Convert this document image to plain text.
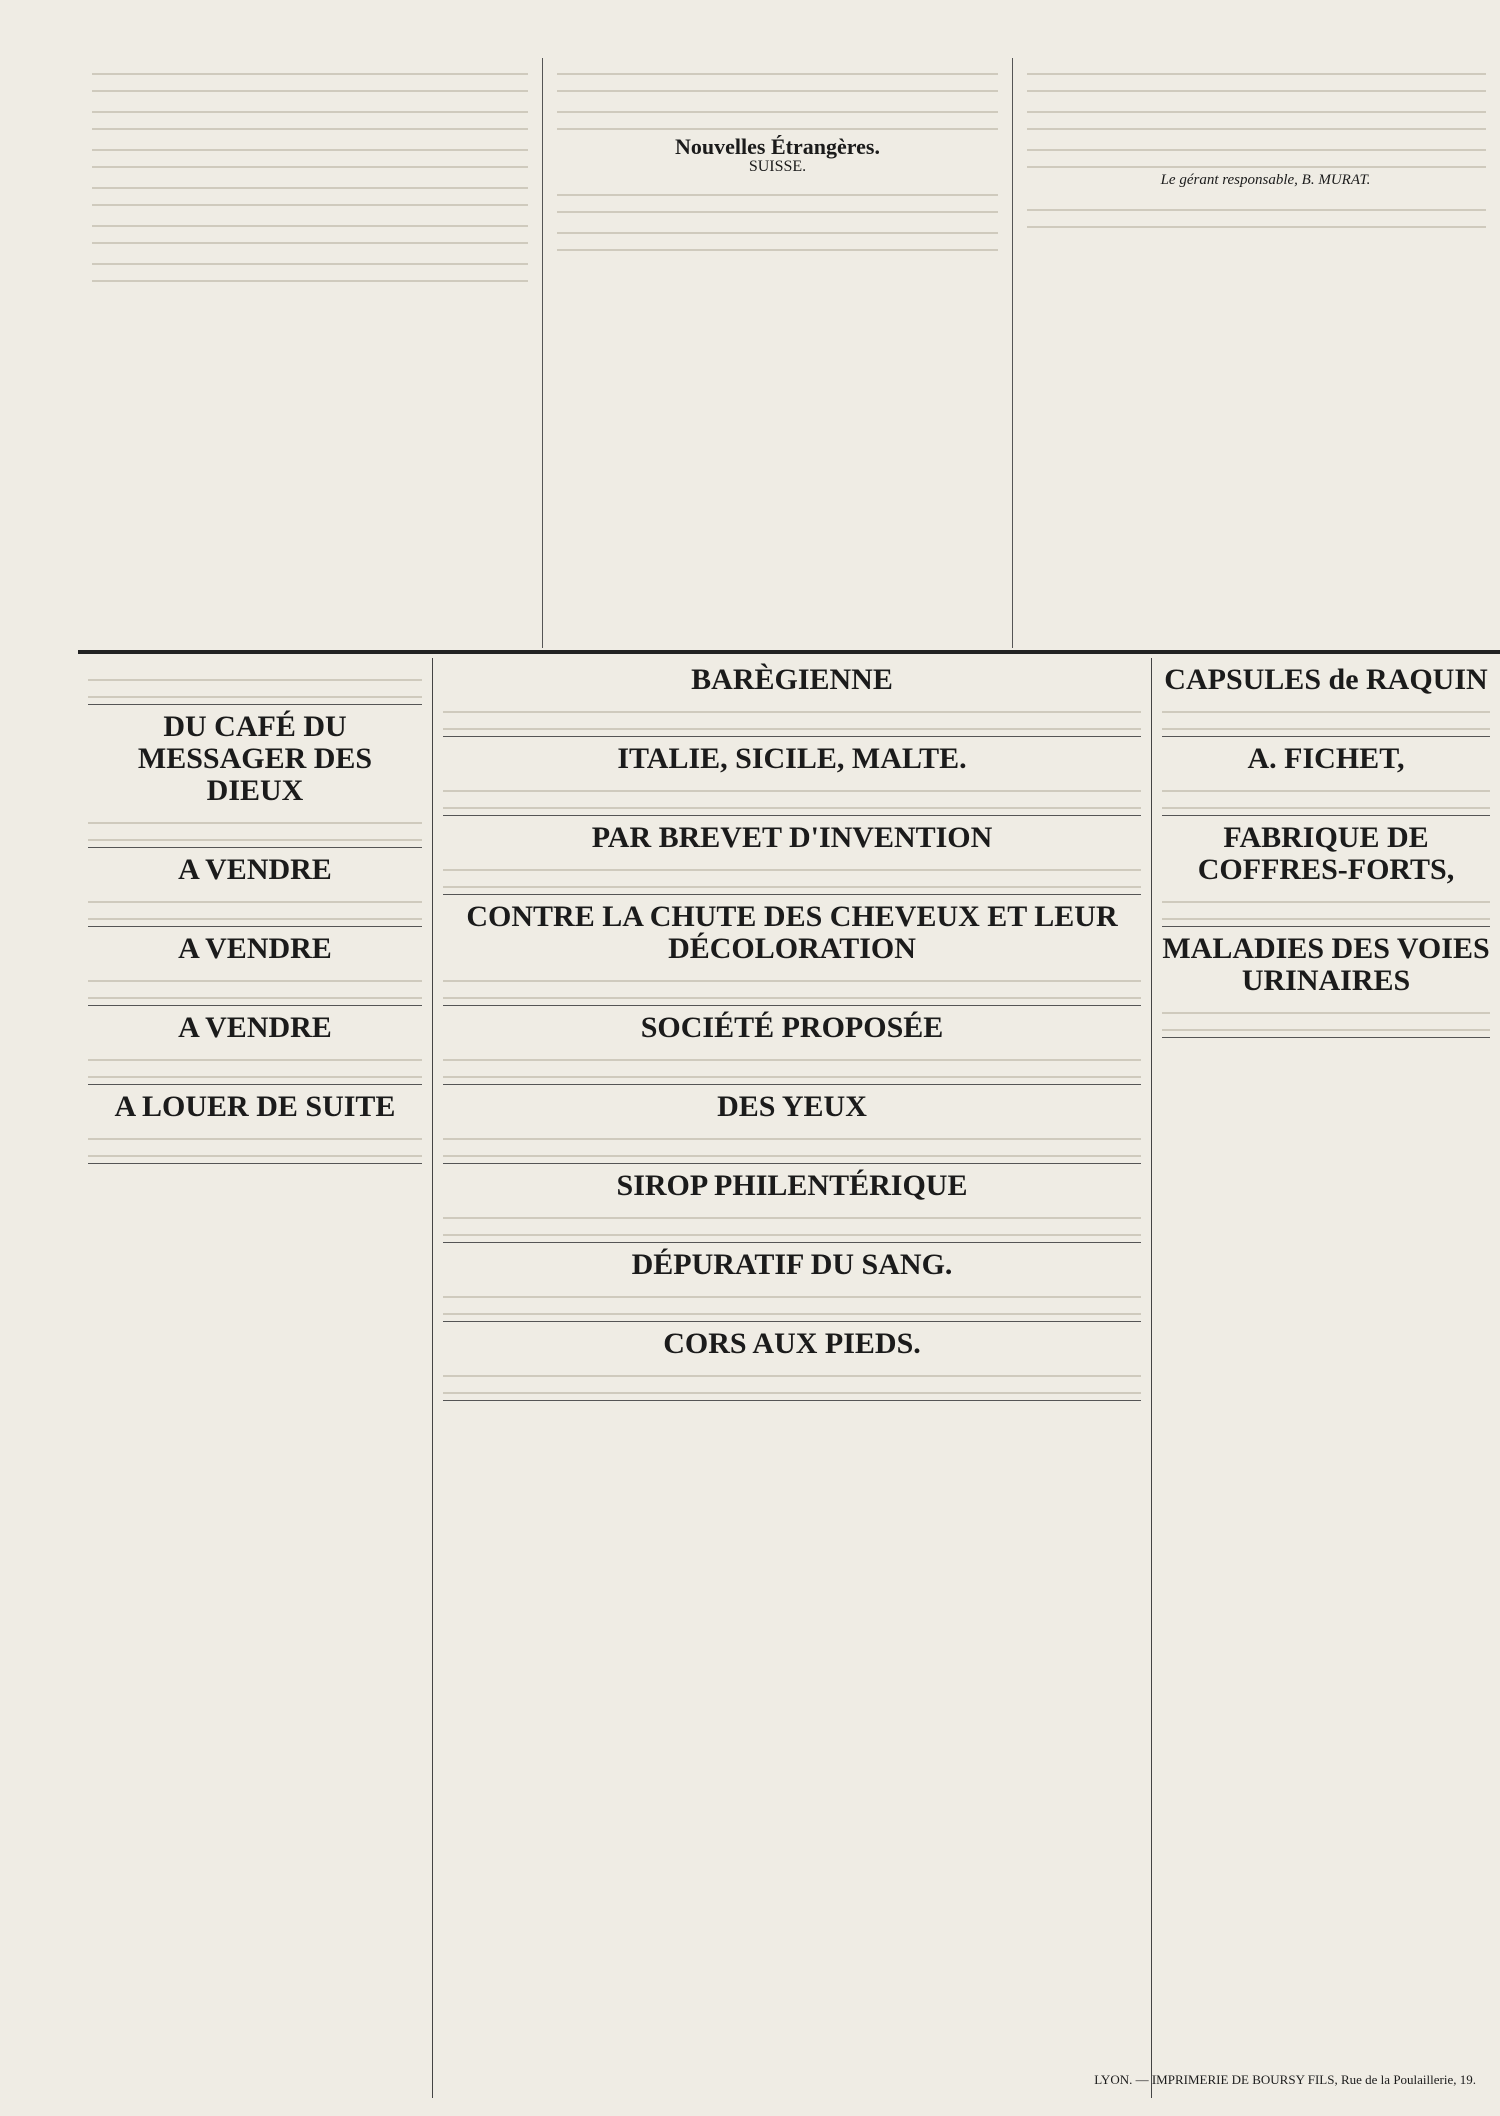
Nouvelles Étrangères.
SUISSE.

Le gérant responsable, B. MURAT.

DU CAFÉ DU MESSAGER DES DIEUX
A VENDRE
A VENDRE
A VENDRE
A LOUER DE SUITE
BARÈGIENNE
ITALIE, SICILE, MALTE.
PAR BREVET D'INVENTION
CONTRE LA CHUTE DES CHEVEUX ET LEUR DÉCOLORATION
SOCIÉTÉ PROPOSÉE
DES YEUX
SIROP PHILENTÉRIQUE
DÉPURATIF DU SANG.
CORS AUX PIEDS.
CAPSULES de RAQUIN
A. FICHET,
FABRIQUE DE COFFRES-FORTS,
MALADIES DES VOIES URINAIRES
LYON. — IMPRIMERIE DE BOURSY FILS, Rue de la Poulaillerie, 19.
